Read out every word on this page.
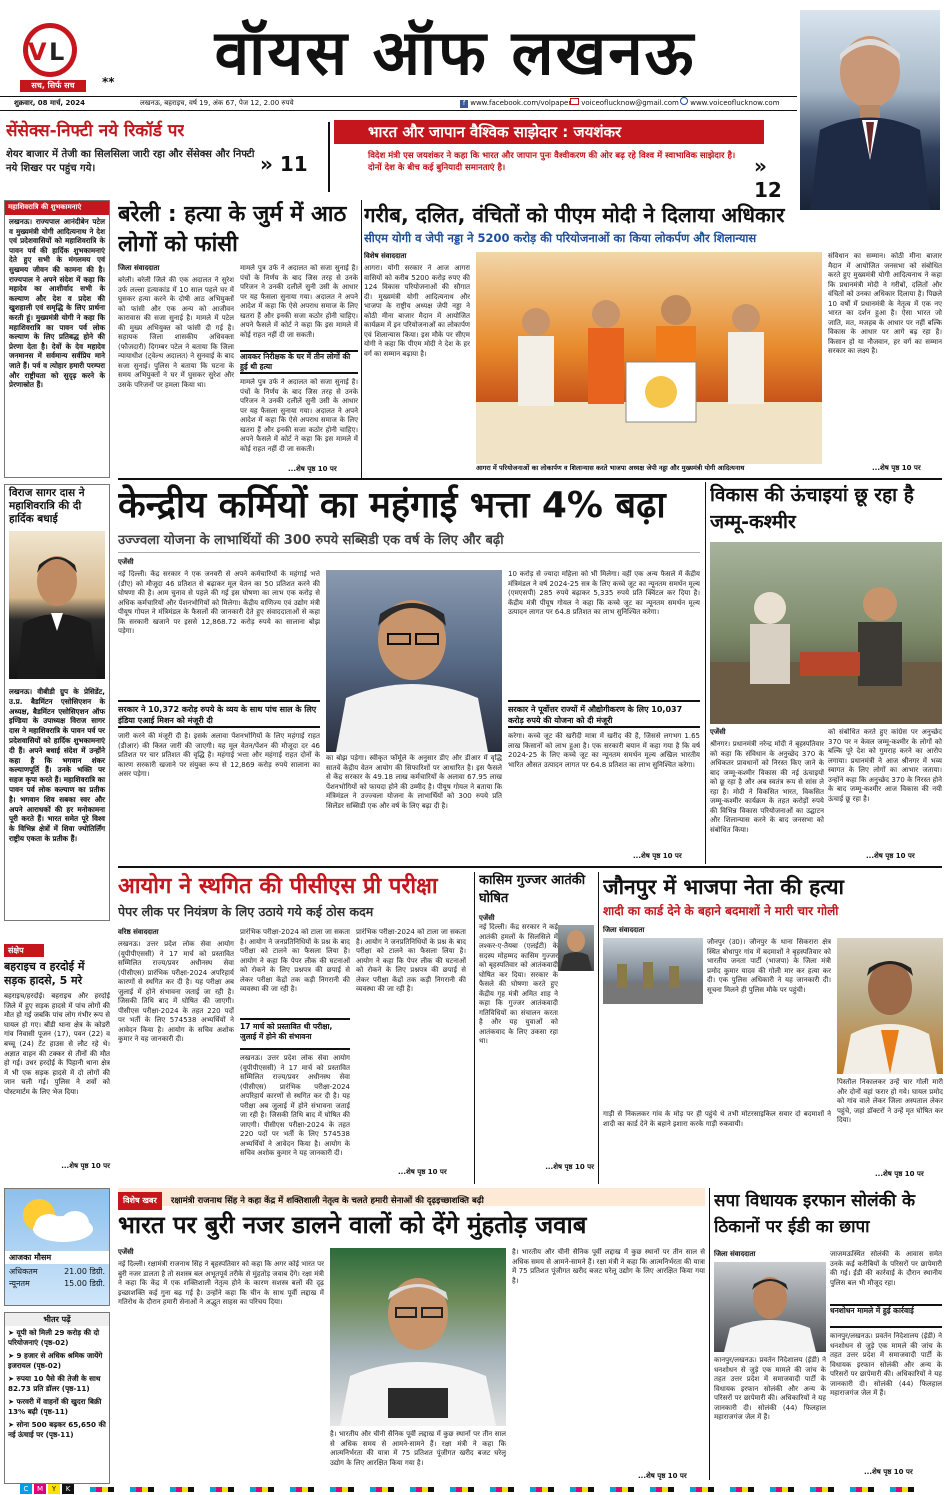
V L
सच, सिर्फ सच	**	वॉयस ऑफ लखनऊ
शुक्रवार, 08 मार्च, 2024	लखनऊ, बहराइच, वर्ष 19, अंक 67, पेज 12, 2.00 रुपये	f www.facebook.com/volpaper	voiceoflucknow@gmail.com	www.voiceoflucknow.com
सेंसेक्स-निफ्टी नये रिकॉर्ड पर
शेयर बाजार में तेजी का सिलसिला जारी रहा और सेंसेक्स और निफ्टी नये शिखर पर पहुंच गये।	» 11
भारत और जापान वैश्विक साझेदार : जयशंकर
विदेश मंत्री एस जयशंकर ने कहा कि भारत और जापान पुनः वैश्वीकरण की ओर बढ़ रहे विश्व में स्वाभाविक साझेदार है। दोनों देश के बीच कई बुनियादी समानताएं है।	» 12
महाशिवरात्रि की शुभकामनाएं
लखनऊ। राज्यपाल आनंदीबेन पटेल व मुख्यमंत्री योगी आदित्यनाथ ने देश एवं प्रदेशवासियों को महाशिवरात्रि के पावन पर्व की हार्दिक शुभकामनाएं देते हुए सभी के मंगलमय एवं सुखमय जीवन की कामना की है। राज्यपाल ने अपने संदेश में कहा कि महादेव का आशीर्वाद सभी के कल्याण और देश व प्रदेश की खुशहाली एवं समृद्धि के लिए प्रार्थना करती हूं। मुख्यमंत्री योगी ने कहा कि महाशिवरात्रि का पावन पर्व लोक कल्याण के लिए प्रतिबद्ध होने की प्रेरणा देता है। देवों के देव महादेव जनमानस में सर्वमान्य सर्वप्रिय माने जाते हैं। पर्व व त्योहार हमारी परम्परा और राष्ट्रीयता को सुदृढ़ करने के प्रेरणास्रोत हैं।
विराज सागर दास ने महाशिवरात्रि की दी हार्दिक बधाई
लखनऊ। वीबीडी ग्रुप के प्रेसिडेंट, उ.प्र. बैडमिंटन एसोसिएशन के अध्यक्ष, बैडमिंटन एसोसिएशन ऑफ इण्डिया के उपाध्यक्ष विराज सागर दास ने महाशिवरात्रि के पावन पर्व पर प्रदेशवासियों को हार्दिक शुभकामनाएं दी हैं। अपने बधाई संदेश में उन्होंने कहा है कि भगवान शंकर कल्याणपूर्ति हैं। उनके भक्ति पर सहज कृपा करते हैं। महाशिवरात्रि का पावन पर्व लोक कल्याण का प्रतीक है। भगवान शिव सबका स्वर और अपने आराधकों की हर मनोकामना पूरी करते हैं। भारत समेत पूरे विश्व के विभिन्न क्षेत्रों में शिवा ज्योतिर्लिंग राष्ट्रीय एकता के प्रतीक हैं।
संक्षेप
बहराइच व हरदोई में सड़क हादसे, 5 मरे
बहराइच/हरदोई। बहराइच और हरदोई जिले में हुए सड़क हादसे में पांच लोगों की मौत हो गई जबकि पांच लोग गंभीर रूप से घायल हो गए। बौंडी थाना क्षेत्र के कोडरी गांव निवासी पूजन (17), पवन (22) व बच्चू (24) टेंट हाउस से लौट रहे थे। अज्ञात वाहन की टक्कर से तीनों की मौत हो गई। उधर हरदोई के पिहानी थाना क्षेत्र में भी एक सड़क हादसे में दो लोगों की जान चली गई। पुलिस ने शवों को पोस्टमार्टम के लिए भेज दिया।
...शेष पृष्ठ 10 पर
आजका मौसम
अधिकतम	21.00 डिग्री.
न्यूनतम	15.00 डिग्री.
भीतर पढ़ें
➤ यूपी को मिली 29 करोड़ की दो परियोजनाएं (पृष्ठ-02)
➤ 9 हजार से अधिक श्रमिक जायेंगे इजरायल (पृष्ठ-02)
➤ रुपया 10 पैसे की तेजी के साथ 82.73 प्रति डॉलर (पृष्ठ-11)
➤ फरवरी में वाहनों की खुदरा बिक्री 13% बढ़ी (पृष्ठ-11)
➤ सोना 500 बढ़कर 65,650 की नई ऊंचाई पर (पृष्ठ-11)
बरेली : हत्या के जुर्म में आठ लोगों को फांसी
जिला संवाददाता
बरेली। बरेली जिले की एक अदालत ने सुरेश उर्फ लल्ला हत्याकांड में 10 साल पहले घर में घुसकर हत्या करने के दोषी आठ अभियुक्तों को फांसी और एक अन्य को आजीवन कारावास की सजा सुनाई है। मामले में पटेल की मुख्य अभियुक्त को फांसी दी गई है। सहायक जिला शासकीय अधिवक्ता (फौजदारी) दिगम्बर पटेल ने बताया कि जिला न्यायाधीश (ट्वेल्थ अदालत) ने सुनवाई के बाद सजा सुनाई। पुलिस ने बताया कि घटना के समय अभियुक्तों ने घर में घुसकर सुरेश और उसके परिजनों पर हमला किया था।
मामले पुत्र उर्फ ने अदालत को सजा सुनाई है। पंचों के निर्णय के बाद जिस तरह से उनके परिजन ने उनकी दलीलें सुनी उसी के आधार पर यह फैसला सुनाया गया। अदालत ने अपने आदेश में कहा कि ऐसे अपराध समाज के लिए खतरा हैं और इनकी सजा कठोर होनी चाहिए। अपने फैसले में कोर्ट ने कहा कि इस मामले में कोई राहत नहीं दी जा सकती।
आवकर निरीक्षक के घर में तीन लोगों की हुई थी हत्या
मामले पुत्र उर्फ ने अदालत को सजा सुनाई है। पंचों के निर्णय के बाद जिस तरह से उनके परिजन ने उनकी दलीलें सुनी उसी के आधार पर यह फैसला सुनाया गया। अदालत ने अपने आदेश में कहा कि ऐसे अपराध समाज के लिए खतरा हैं और इनकी सजा कठोर होनी चाहिए। अपने फैसले में कोर्ट ने कहा कि इस मामले में कोई राहत नहीं दी जा सकती।
...शेष पृष्ठ 10 पर
गरीब, दलित, वंचितों को पीएम मोदी ने दिलाया अधिकार
सीएम योगी व जेपी नड्डा ने 5200 करोड़ की परियोजनाओं का किया लोकर्पण और शिलान्यास
विशेष संवाददाता
आगरा। योगी सरकार ने आज आगरा वासियों को करीब 5200 करोड़ रुपए की 124 विकास परियोजनाओं की सौगात दी। मुख्यमंत्री योगी आदित्यनाथ और भाजपा के राष्ट्रीय अध्यक्ष जेपी नड्डा ने कोठी मीना बाजार मैदान में आयोजित कार्यक्रम में इन परियोजनाओं का लोकार्पण एवं शिलान्यास किया। इस मौके पर सीएम योगी ने कहा कि पीएम मोदी ने देश के हर वर्ग का सम्मान बढ़ाया है।
आगरा में परियोजनाओं का लोकार्पण व शिलान्यास करते भाजपा अध्यक्ष जेपी नड्डा और मुख्यमंत्री योगी आदित्यनाथ
संविधान का सम्मान। कोठी मीना बाजार मैदान में आयोजित जनसभा को संबोधित करते हुए मुख्यमंत्री योगी आदित्यनाथ ने कहा कि प्रधानमंत्री मोदी ने गरीबों, दलितों और वंचितों को उनका अधिकार दिलाया है। पिछले 10 वर्षों में प्रधानमंत्री के नेतृत्व में एक नए भारत का दर्शन हुआ है। ऐसा भारत जो जाति, मत, मजहब के आधार पर नहीं बल्कि विकास के आधार पर आगे बढ़ रहा है। किसान हो या नौजवान, हर वर्ग का सम्मान सरकार का लक्ष्य है।
...शेष पृष्ठ 10 पर
केन्द्रीय कर्मियों का महंगाई भत्ता 4% बढ़ा
उज्ज्वला योजना के लाभार्थियों की 300 रुपये सब्सिडी एक वर्ष के लिए और बढ़ी
एजेंसी
नई दिल्ली। केंद्र सरकार ने एक जनवरी से अपने कर्मचारियों के महंगाई भत्ते (डीए) को मौजूदा 46 प्रतिशत से बढ़ाकर मूल वेतन का 50 प्रतिशत करने की घोषणा की है। आम चुनाव से पहले की गई इस घोषणा का लाभ एक करोड़ से अधिक कर्मचारियों और पेंशनभोगियों को मिलेगा। केंद्रीय वाणिज्य एवं उद्योग मंत्री पीयूष गोयल ने मंत्रिमंडल के फैसलों की जानकारी देते हुए संवाददाताओं से कहा कि सरकारी खजाने पर इससे 12,868.72 करोड़ रुपये का सालाना बोझ पड़ेगा।
सरकार ने 10,372 करोड़ रुपये के व्यय के साथ पांच साल के लिए इंडिया एआई मिशन को मंजूरी दी
जारी करने की मंजूरी दी है। इसके अलावा पेंशनभोगियों के लिए महंगाई राहत (डीआर) की किस्त जारी की जाएगी। यह मूल वेतन/पेंशन की मौजूदा दर 46 प्रतिशत पर चार प्रतिशत की वृद्धि है। महंगाई भत्ता और महंगाई राहत दोनों के कारण सरकारी खजाने पर संयुक्त रूप से 12,869 करोड़ रुपये सालाना का असर पड़ेगा।
का बोझ पड़ेगा। स्वीकृत फॉर्मूले के अनुसार डीए और डीआर में वृद्धि सातवें केंद्रीय वेतन आयोग की सिफारिशों पर आधारित है। इस फैसले से केंद्र सरकार के 49.18 लाख कर्मचारियों के अलावा 67.95 लाख पेंशनभोगियों को फायदा होने की उम्मीद है। पीयूष गोयल ने बताया कि मंत्रिमंडल ने उज्ज्वला योजना के लाभार्थियों को 300 रुपये प्रति सिलेंडर सब्सिडी एक और वर्ष के लिए बढ़ा दी है।
10 करोड़ से ज्यादा महिला को भी मिलेगा। वहीं एक अन्य फैसले में केंद्रीय मंत्रिमंडल ने वर्ष 2024-25 सत्र के लिए कच्चे जूट का न्यूनतम समर्थन मूल्य (एमएसपी) 285 रुपये बढ़ाकर 5,335 रुपये प्रति क्विंटल कर दिया है। केंद्रीय मंत्री पीयूष गोयल ने कहा कि कच्चे जूट का न्यूनतम समर्थन मूल्य उत्पादन लागत पर 64.8 प्रतिशत का लाभ सुनिश्चित करेगा।
सरकार ने पूर्वोत्तर राज्यों में औद्योगीकरण के लिए 10,037 करोड़ रुपये की योजना को दी मंजूरी
करेगा। कच्चे जूट की खरीदी मात्रा में खरीद की है, जिससे लगभग 1.65 लाख किसानों को लाभ हुआ है। एक सरकारी बयान में कहा गया है कि वर्ष 2024-25 के लिए कच्चे जूट का न्यूनतम समर्थन मूल्य अखिल भारतीय भारित औसत उत्पादन लागत पर 64.8 प्रतिशत का लाभ सुनिश्चित करेगा।
...शेष पृष्ठ 10 पर
विकास की ऊंचाइयां छू रहा है जम्मू-कश्मीर
एजेंसी
श्रीनगर। प्रधानमंत्री नरेन्द्र मोदी ने बृहस्पतिवार को कहा कि संविधान के अनुच्छेद 370 के अधिकतर प्रावधानों को निरस्त किए जाने के बाद जम्मू-कश्मीर विकास की नई ऊंचाइयों को छू रहा है और अब स्वतंत्र रूप से सांस ले रहा है। मोदी ने विकसित भारत, विकसित जम्मू-कश्मीर कार्यक्रम के तहत करोड़ों रुपये की विभिन्न विकास परियोजनाओं का उद्घाटन और शिलान्यास करने के बाद जनसभा को संबोधित किया।
को संबोधित करते हुए कांग्रेस पर अनुच्छेद 370 पर न केवल जम्मू-कश्मीर के लोगों को बल्कि पूरे देश को गुमराह करने का आरोप लगाया। प्रधानमंत्री ने आज श्रीनगर में भव्य स्वागत के लिए लोगों का आभार जताया। उन्होंने कहा कि अनुच्छेद 370 के निरस्त होने के बाद जम्मू-कश्मीर आज विकास की नयी ऊंचाई छू रहा है।
...शेष पृष्ठ 10 पर
आयोग ने स्थगित की पीसीएस प्री परीक्षा
पेपर लीक पर नियंत्रण के लिए उठाये गये कई ठोस कदम
वरिष्ठ संवाददाता
लखनऊ। उत्तर प्रदेश लोक सेवा आयोग (यूपीपीएससी) ने 17 मार्च को प्रस्तावित सम्मिलित राज्य/प्रवर अधीनस्थ सेवा (पीसीएस) प्रारंभिक परीक्षा-2024 अपरिहार्य कारणों से स्थगित कर दी है। यह परीक्षा अब जुलाई में होने संभावना जताई जा रही है। जिसकी तिथि बाद में घोषित की जाएगी। पीसीएस परीक्षा-2024 के तहत 220 पदों पर भर्ती के लिए 574538 अभ्यर्थियों ने आवेदन किया है। आयोग के सचिव अशोक कुमार ने यह जानकारी दी।
प्रारंभिक परीक्षा-2024 को टाला जा सकता है। आयोग ने जनप्रतिनिधियों के प्रश्न के बाद परीक्षा को टालने का फैसला लिया है। आयोग ने कहा कि पेपर लीक की घटनाओं को रोकने के लिए प्रश्नपत्र की छपाई से लेकर परीक्षा केंद्रों तक कड़ी निगरानी की व्यवस्था की जा रही है।
17 मार्च को प्रस्तावित थी परीक्षा, जुलाई में होने की संभावना
लखनऊ। उत्तर प्रदेश लोक सेवा आयोग (यूपीपीएससी) ने 17 मार्च को प्रस्तावित सम्मिलित राज्य/प्रवर अधीनस्थ सेवा (पीसीएस) प्रारंभिक परीक्षा-2024 अपरिहार्य कारणों से स्थगित कर दी है। यह परीक्षा अब जुलाई में होने संभावना जताई जा रही है। जिसकी तिथि बाद में घोषित की जाएगी। पीसीएस परीक्षा-2024 के तहत 220 पदों पर भर्ती के लिए 574538 अभ्यर्थियों ने आवेदन किया है। आयोग के सचिव अशोक कुमार ने यह जानकारी दी।
प्रारंभिक परीक्षा-2024 को टाला जा सकता है। आयोग ने जनप्रतिनिधियों के प्रश्न के बाद परीक्षा को टालने का फैसला लिया है। आयोग ने कहा कि पेपर लीक की घटनाओं को रोकने के लिए प्रश्नपत्र की छपाई से लेकर परीक्षा केंद्रों तक कड़ी निगरानी की व्यवस्था की जा रही है।
...शेष पृष्ठ 10 पर
कासिम गुज्जर आतंकी घोषित
एजेंसी
नई दिल्ली। केंद्र सरकार ने कई आतंकी हमलों के सिलसिले में लश्कर-ए-तैयबा (एलईटी) के सदस्य मोहम्मद कासिम गुज्जर को बृहस्पतिवार को आतंकवादी घोषित कर दिया। सरकार के फैसले की घोषणा करते हुए केंद्रीय गृह मंत्री अमित शाह ने कहा कि गुज्जर आतंकवादी गतिविधियों का संचालन करता है और यह युवाओं को आतंकवाद के लिए उकसा रहा था।
...शेष पृष्ठ 10 पर
जौनपुर में भाजपा नेता की हत्या
शादी का कार्ड देने के बहाने बदमाशों ने मारी चार गोली
जिला संवाददाता
जौनपुर (उ0)। जौनपुर के थाना सिकरारा क्षेत्र स्थित बोधापुर गांव में बदमाशों ने बृहस्पतिवार को भारतीय जनता पार्टी (भाजपा) के जिला मंत्री प्रमोद कुमार यादव की गोली मार कर हत्या कर दी। एक पुलिस अधिकारी ने यह जानकारी दी। सूचना मिलने ही पुलिस मौके पर पहुंची।
पिस्तौल निकालकर उन्हें चार गोली मारी और दोनों वहां फरार हो गये। घायल प्रमोद को गांव वाले लेकर जिला अस्पताल लेकर पहुंचे, जहां डॉक्टरों ने उन्हें मृत घोषित कर दिया।
गाड़ी से निकलकर गांव के मोड़ पर ही पहुंचे थे तभी मोटरसाइकिल सवार दो बदमाशों ने शादी का कार्ड देने के बहाने इशारा करके गाड़ी रुकवायी।
...शेष पृष्ठ 10 पर
विशेष खबर रक्षामंत्री राजनाथ सिंह ने कहा केंद्र में शक्तिशाली नेतृत्व के चलते हमारी सेनाओं की दृढ़इच्छाशक्ति बढ़ी
भारत पर बुरी नजर डालने वालों को देंगे मुंहतोड़ जवाब
एजेंसी
नई दिल्ली। रक्षामंत्री राजनाथ सिंह ने बृहस्पतिवार को कहा कि अगर कोई भारत पर बुरी नजर डालता है तो सशस्त्र बल अभूतपूर्व तरीके से मुंहतोड़ जवाब देंगे। रक्षा मंत्री ने कहा कि केंद्र में एक शक्तिशाली नेतृत्व होने के कारण सशस्त्र बलों की दृढ़ इच्छाशक्ति कई गुना बढ़ गई है। उन्होंने कहा कि चीन के साथ पूर्वी लद्दाख में गतिरोध के दौरान हमारी सेनाओं ने अद्भुत साहस का परिचय दिया।
है। भारतीय और चीनी सैनिक पूर्वी लद्दाख में कुछ स्थानों पर तीन साल से अधिक समय से आमने-सामने हैं। रक्षा मंत्री ने कहा कि आत्मनिर्भरता की यात्रा में 75 प्रतिशत पूंजीगत खरीद बजट घरेलू उद्योग के लिए आरक्षित किया गया है।
है। भारतीय और चीनी सैनिक पूर्वी लद्दाख में कुछ स्थानों पर तीन साल से अधिक समय से आमने-सामने हैं। रक्षा मंत्री ने कहा कि आत्मनिर्भरता की यात्रा में 75 प्रतिशत पूंजीगत खरीद बजट घरेलू उद्योग के लिए आरक्षित किया गया है।
...शेष पृष्ठ 10 पर
सपा विधायक इरफान सोलंकी के ठिकानों पर ईडी का छापा
जिला संवाददाता
कानपुर/लखनऊ। प्रवर्तन निदेशालय (ईडी) ने धनशोधन से जुड़े एक मामले की जांच के तहत उत्तर प्रदेश में समाजवादी पार्टी के विधायक इरफान सोलंकी और अन्य के परिसरों पर छापेमारी की। अधिकारियों ने यह जानकारी दी। सोलंकी (44) फिलहाल महाराजगंज जेल में हैं।
जाजमऊस्थित सोलंकी के आवास समेत उनके कई करीबियों के परिसरों पर छापेमारी की गई। ईडी की कार्रवाई के दौरान स्थानीय पुलिस बल भी मौजूद रहा।
धनशोधन मामले में हुई कार्रवाई
कानपुर/लखनऊ। प्रवर्तन निदेशालय (ईडी) ने धनशोधन से जुड़े एक मामले की जांच के तहत उत्तर प्रदेश में समाजवादी पार्टी के विधायक इरफान सोलंकी और अन्य के परिसरों पर छापेमारी की। अधिकारियों ने यह जानकारी दी। सोलंकी (44) फिलहाल महाराजगंज जेल में हैं।
...शेष पृष्ठ 10 पर
C	M	Y	K
